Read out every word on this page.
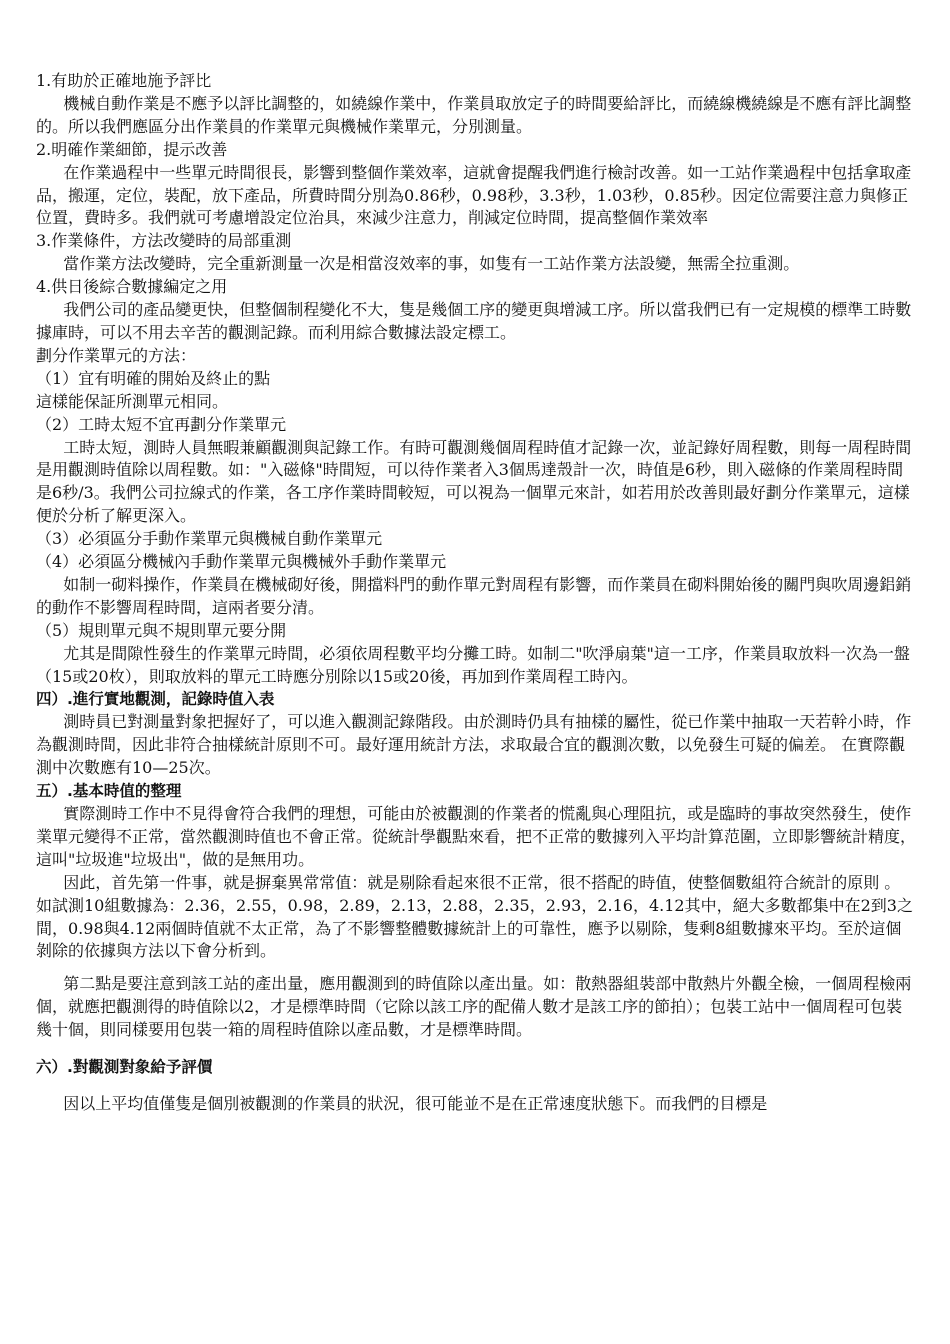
1.有助於正確地施予評比

機械自動作業是不應予以評比調整的，如繞線作業中，作業員取放定子的時間要給評比，而繞線機繞線是不應有評比調整的。所以我們應區分出作業員的作業單元與機械作業單元，分別測量。

2.明確作業細節，提示改善

在作業過程中一些單元時間很長，影響到整個作業效率，這就會提醒我們進行檢討改善。如一工站作業過程中包括拿取產品，搬運，定位，裝配，放下產品，所費時間分別為0.86秒，0.98秒，3.3秒，1.03秒，0.85秒。因定位需要注意力與修正位置，費時多。我們就可考慮增設定位治具，來減少注意力，削減定位時間，提高整個作業效率

3.作業條件，方法改變時的局部重測

當作業方法改變時，完全重新測量一次是相當沒效率的事，如隻有一工站作業方法設變，無需全拉重測。

4.供日後綜合數據編定之用

我們公司的產品變更快，但整個制程變化不大，隻是幾個工序的變更與增減工序。所以當我們已有一定規模的標準工時數據庫時，可以不用去辛苦的觀測記錄。而利用綜合數據法設定標工。

劃分作業單元的方法：

（1）宜有明確的開始及終止的點

這樣能保証所測單元相同。

（2）工時太短不宜再劃分作業單元

工時太短，測時人員無暇兼顧觀測與記錄工作。有時可觀測幾個周程時值才記錄一次，並記錄好周程數，則每一周程時間是用觀測時值除以周程數。如："入磁條"時間短，可以待作業者入3個馬達殼計一次，時值是6秒，則入磁條的作業周程時間是6秒/3。我們公司拉線式的作業，各工序作業時間較短，可以視為一個單元來計，如若用於改善則最好劃分作業單元，這樣便於分析了解更深入。

（3）必須區分手動作業單元與機械自動作業單元

（4）必須區分機械內手動作業單元與機械外手動作業單元

如制一砌料操作，作業員在機械砌好後，開擋料門的動作單元對周程有影響，而作業員在砌料開始後的關門與吹周邊鋁銷的動作不影響周程時間，這兩者要分清。

（5）規則單元與不規則單元要分開

尤其是間隙性發生的作業單元時間，必須依周程數平均分攤工時。如制二"吹淨扇葉"這一工序，作業員取放料一次為一盤（15或20枚），則取放料的單元工時應分別除以15或20後，再加到作業周程工時內。

四）.進行實地觀測，記錄時值入表

測時員已對測量對象把握好了，可以進入觀測記錄階段。由於測時仍具有抽樣的屬性，從已作業中抽取一天若幹小時，作為觀測時間，因此非符合抽樣統計原則不可。最好運用統計方法，求取最合宜的觀測次數，以免發生可疑的偏差。 在實際觀測中次數應有10—25次。

五）.基本時值的整理

實際測時工作中不見得會符合我們的理想，可能由於被觀測的作業者的慌亂與心理阻抗，或是臨時的事故突然發生，使作業單元變得不正常，當然觀測時值也不會正常。從統計學觀點來看，把不正常的數據列入平均計算范圍，立即影響統計精度，這叫"垃圾進"垃圾出"，做的是無用功。

因此，首先第一件事，就是摒棄異常常值：就是剔除看起來很不正常，很不搭配的時值，使整個數組符合統計的原則 。如試測10組數據為：2.36，2.55，0.98，2.89，2.13，2.88，2.35，2.93，2.16，4.12其中，絕大多數都集中在2到3之間，0.98與4.12兩個時值就不太正常，為了不影響整體數據統計上的可靠性，應予以剔除，隻剩8組數據來平均。至於這個剝除的依據與方法以下會分析到。

第二點是要注意到該工站的產出量，應用觀測到的時值除以產出量。如：散熱器組裝部中散熱片外觀全檢，一個周程檢兩個，就應把觀測得的時值除以2，才是標準時間（它除以該工序的配備人數才是該工序的節拍）；包裝工站中一個周程可包裝幾十個，則同樣要用包裝一箱的周程時值除以產品數，才是標準時間。

六）.對觀測對象給予評價

因以上平均值僅隻是個別被觀測的作業員的狀況，很可能並不是在正常速度狀態下。而我們的目標是
